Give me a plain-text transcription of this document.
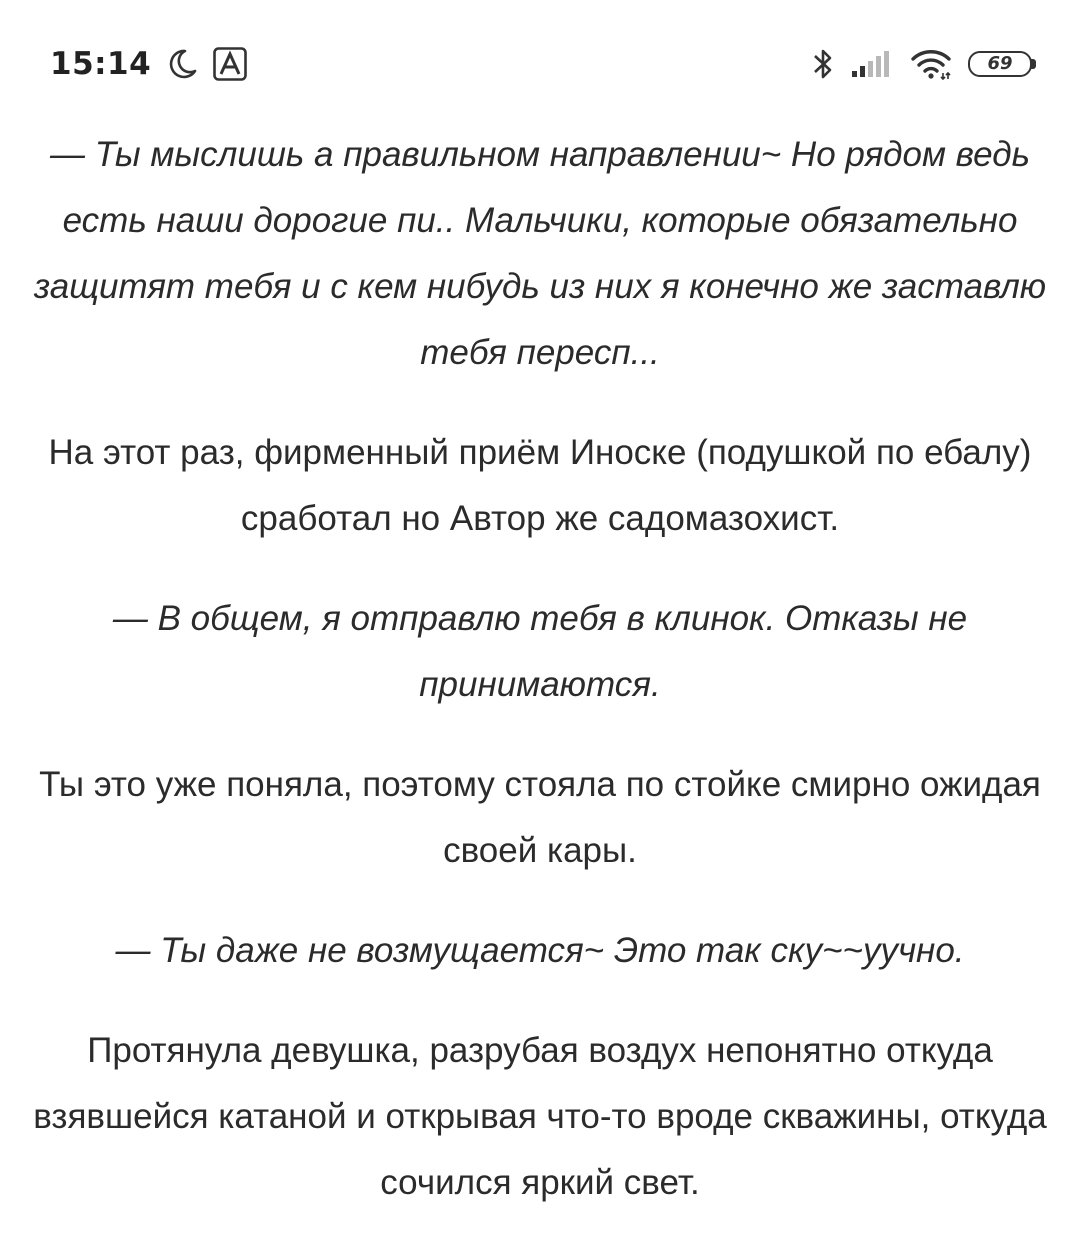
15:14	69

— Ты мыслишь а правильном направлении~ Но рядом ведь есть наши дорогие пи.. Мальчики, которые обязательно защитят тебя и с кем нибудь из них я конечно же заставлю тебя пересп...

На этот раз, фирменный приём Иноске (подушкой по ебалу) сработал но Автор же садомазохист.

— В общем, я отправлю тебя в клинок. Отказы не принимаются.

Ты это уже поняла, поэтому стояла по стойке смирно ожидая своей кары.

— Ты даже не возмущается~ Это так ску~~уучно.

Протянула девушка, разрубая воздух непонятно откуда взявшейся катаной и открывая что-то вроде скважины, откуда сочился яркий свет.
